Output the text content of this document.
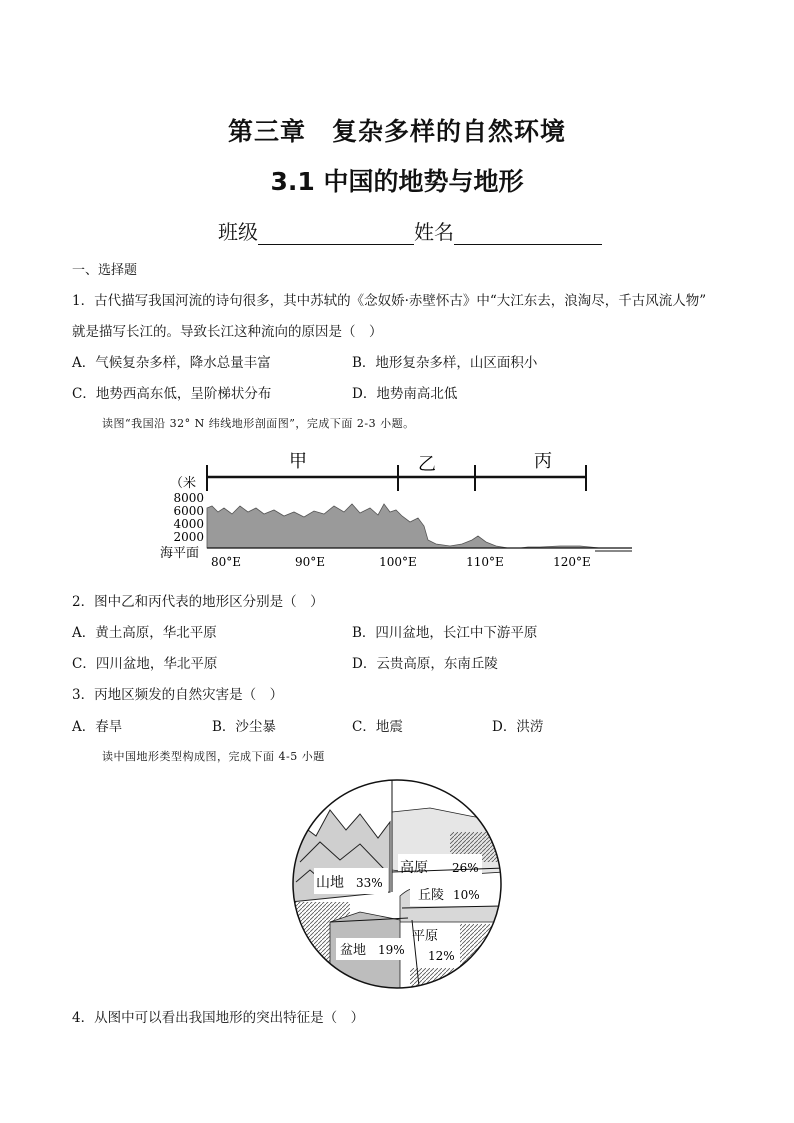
第三章　复杂多样的自然环境
3.1 中国的地势与地形
班级	姓名
一、选择题
1．古代描写我国河流的诗句很多，其中苏轼的《念奴娇·赤壁怀古》中“大江东去，浪淘尽，千古风流人物”
就是描写长江的。导致长江这种流向的原因是（　）
A．气候复杂多样，降水总量丰富	B．地形复杂多样，山区面积小
C．地势西高东低，呈阶梯状分布	D．地势南高北低
读图“我国沿 32° N 纬线地形剖面图”，完成下面 2-3 小题。
甲	乙	丙
（米
8000
6000
4000
2000
海平面
80°E	90°E	100°E	110°E	120°E
2．图中乙和丙代表的地形区分别是（　）
A．黄土高原，华北平原	B．四川盆地，长江中下游平原
C．四川盆地，华北平原	D．云贵高原，东南丘陵
3．丙地区频发的自然灾害是（　）
A．春旱	B．沙尘暴	C．地震	D．洪涝
读中国地形类型构成图，完成下面 4-5 小题
山地 33%
高原 26%
丘陵 10%
平原
12%
盆地 19%
4．从图中可以看出我国地形的突出特征是（　）
